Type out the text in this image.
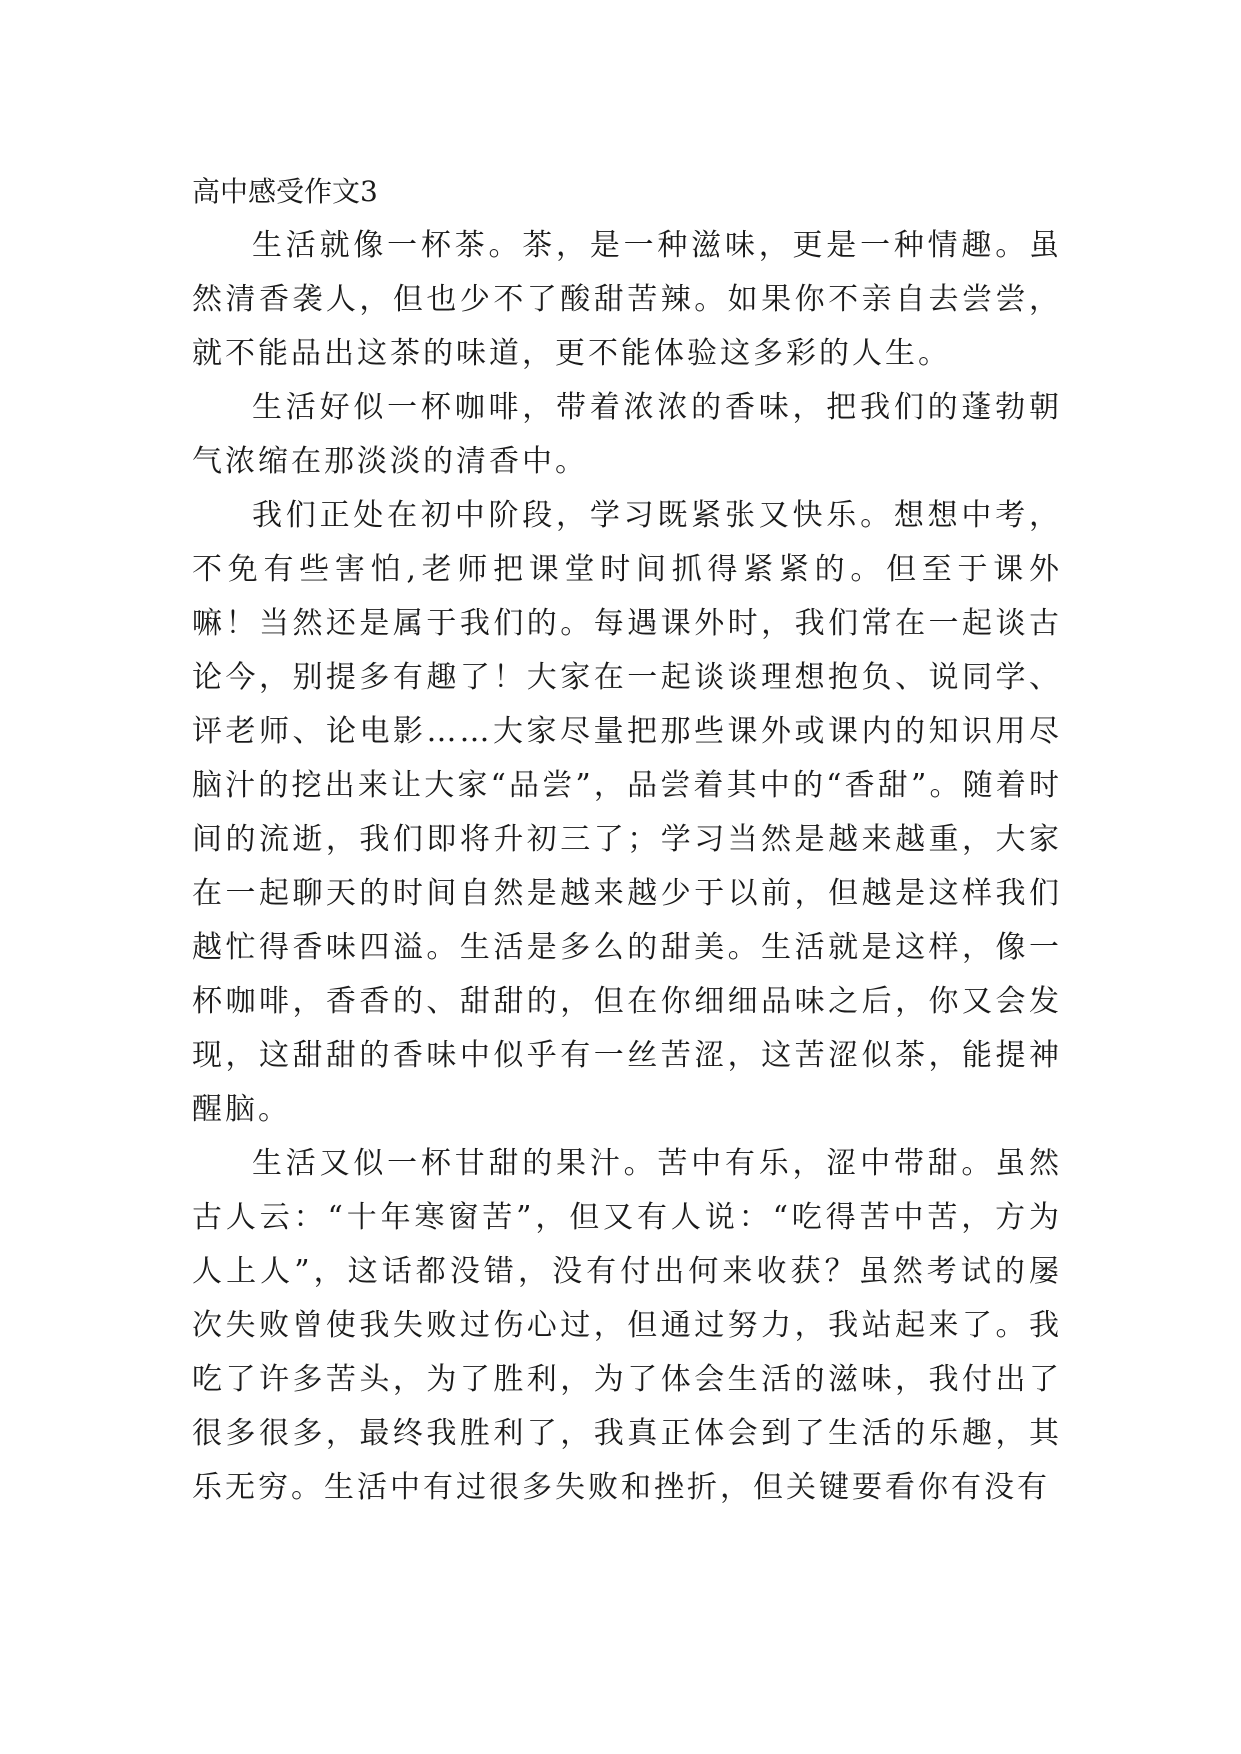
高中感受作文3

生活就像一杯茶。茶，是一种滋味，更是一种情趣。虽然清香袭人，但也少不了酸甜苦辣。如果你不亲自去尝尝，就不能品出这茶的味道，更不能体验这多彩的人生。

生活好似一杯咖啡，带着浓浓的香味，把我们的蓬勃朝气浓缩在那淡淡的清香中。

我们正处在初中阶段，学习既紧张又快乐。想想中考，不免有些害怕,老师把课堂时间抓得紧紧的。但至于课外嘛！当然还是属于我们的。每遇课外时，我们常在一起谈古论今，别提多有趣了！大家在一起谈谈理想抱负、说同学、评老师、论电影……大家尽量把那些课外或课内的知识用尽脑汁的挖出来让大家“品尝”，品尝着其中的“香甜”。随着时间的流逝，我们即将升初三了；学习当然是越来越重，大家在一起聊天的时间自然是越来越少于以前，但越是这样我们越忙得香味四溢。生活是多么的甜美。生活就是这样，像一杯咖啡，香香的、甜甜的，但在你细细品味之后，你又会发现，这甜甜的香味中似乎有一丝苦涩，这苦涩似茶，能提神醒脑。

生活又似一杯甘甜的果汁。苦中有乐，涩中带甜。虽然古人云：“十年寒窗苦”，但又有人说：“吃得苦中苦，方为人上人”，这话都没错，没有付出何来收获？虽然考试的屡次失败曾使我失败过伤心过，但通过努力，我站起来了。我吃了许多苦头，为了胜利，为了体会生活的滋味，我付出了很多很多，最终我胜利了，我真正体会到了生活的乐趣，其乐无穷。生活中有过很多失败和挫折，但关键要看你有没有
